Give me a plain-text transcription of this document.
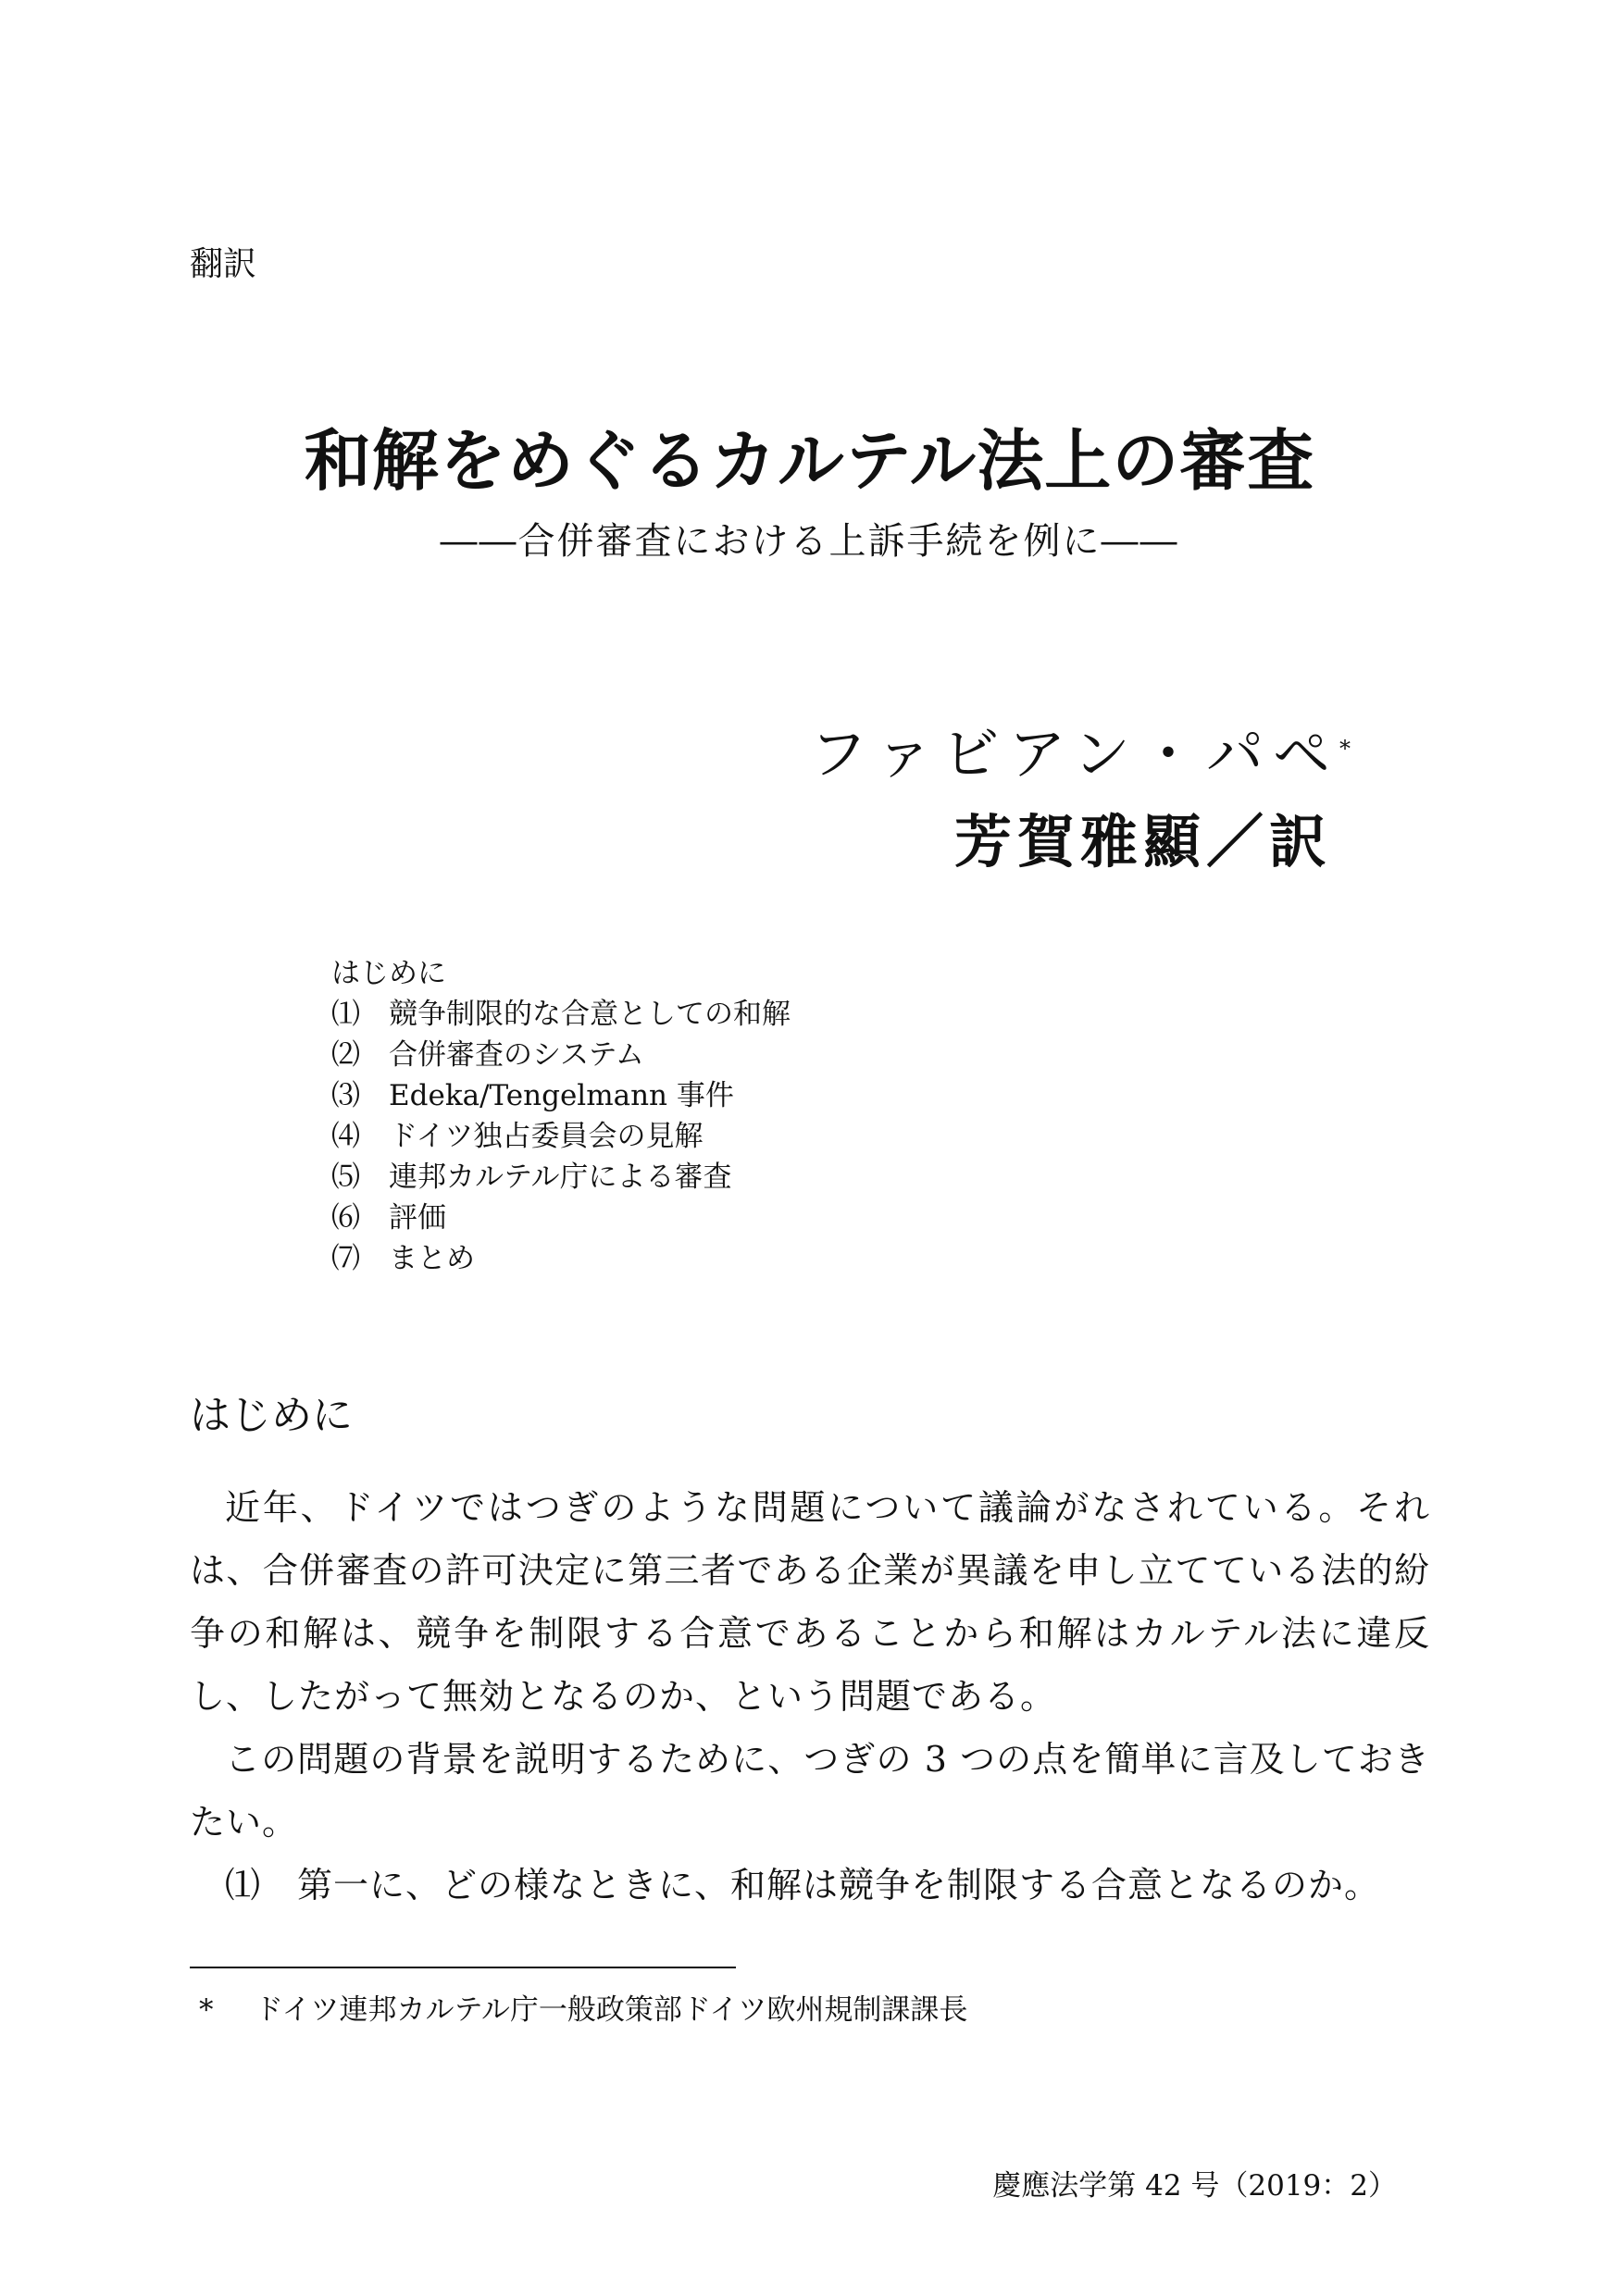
翻訳
和解をめぐるカルテル法上の審査
――合併審査における上訴手続を例に――
ファビアン・パペ*
芳賀雅顯／訳
はじめに
⑴　競争制限的な合意としての和解
⑵　合併審査のシステム
⑶　Edeka/Tengelmann 事件
⑷　ドイツ独占委員会の見解
⑸　連邦カルテル庁による審査
⑹　評価
⑺　まとめ
はじめに

近年、ドイツではつぎのような問題について議論がなされている。それは、合併審査の許可決定に第三者である企業が異議を申し立てている法的紛争の和解は、競争を制限する合意であることから和解はカルテル法に違反し、したがって無効となるのか、という問題である。

この問題の背景を説明するために、つぎの 3 つの点を簡単に言及しておきたい。

⑴　第一に、どの様なときに、和解は競争を制限する合意となるのか。

* ドイツ連邦カルテル庁一般政策部ドイツ欧州規制課課長
慶應法学第 42 号（2019：2）
